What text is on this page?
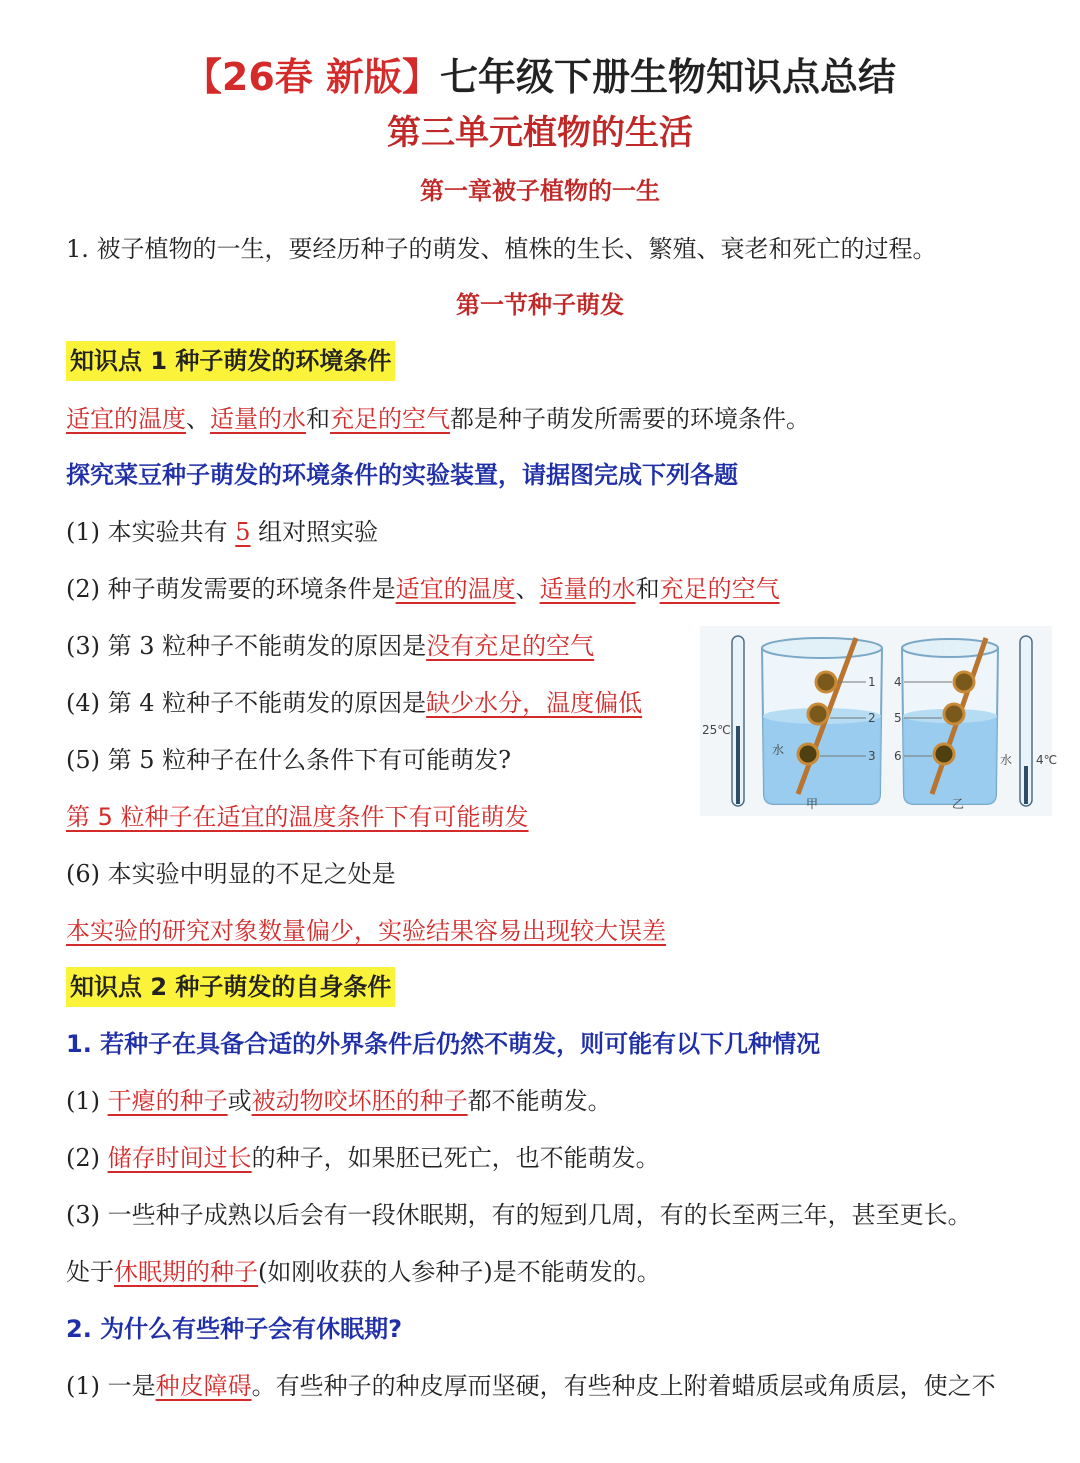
【26春 新版】七年级下册生物知识点总结
第三单元植物的生活
第一章被子植物的一生
1. 被子植物的一生，要经历种子的萌发、植株的生长、繁殖、衰老和死亡的过程。
第一节种子萌发
知识点 1 种子萌发的环境条件
适宜的温度、适量的水和充足的空气都是种子萌发所需要的环境条件。
探究菜豆种子萌发的环境条件的实验装置，请据图完成下列各题
(1) 本实验共有 5 组对照实验
(2) 种子萌发需要的环境条件是适宜的温度、适量的水和充足的空气
(3) 第 3 粒种子不能萌发的原因是没有充足的空气
(4) 第 4 粒种子不能萌发的原因是缺少水分，温度偏低
(5) 第 5 粒种子在什么条件下有可能萌发?
第 5 粒种子在适宜的温度条件下有可能萌发
(6) 本实验中明显的不足之处是
本实验的研究对象数量偏少，实验结果容易出现较大误差
25℃
4℃
水
1
2
3
甲
4
5
6	水
乙
知识点 2 种子萌发的自身条件
1. 若种子在具备合适的外界条件后仍然不萌发，则可能有以下几种情况
(1) 干瘪的种子或被动物咬坏胚的种子都不能萌发。
(2) 储存时间过长的种子，如果胚已死亡，也不能萌发。
(3) 一些种子成熟以后会有一段休眠期，有的短到几周，有的长至两三年，甚至更长。
处于休眠期的种子(如刚收获的人参种子)是不能萌发的。
2. 为什么有些种子会有休眠期?
(1) 一是种皮障碍。有些种子的种皮厚而坚硬，有些种皮上附着蜡质层或角质层，使之不
